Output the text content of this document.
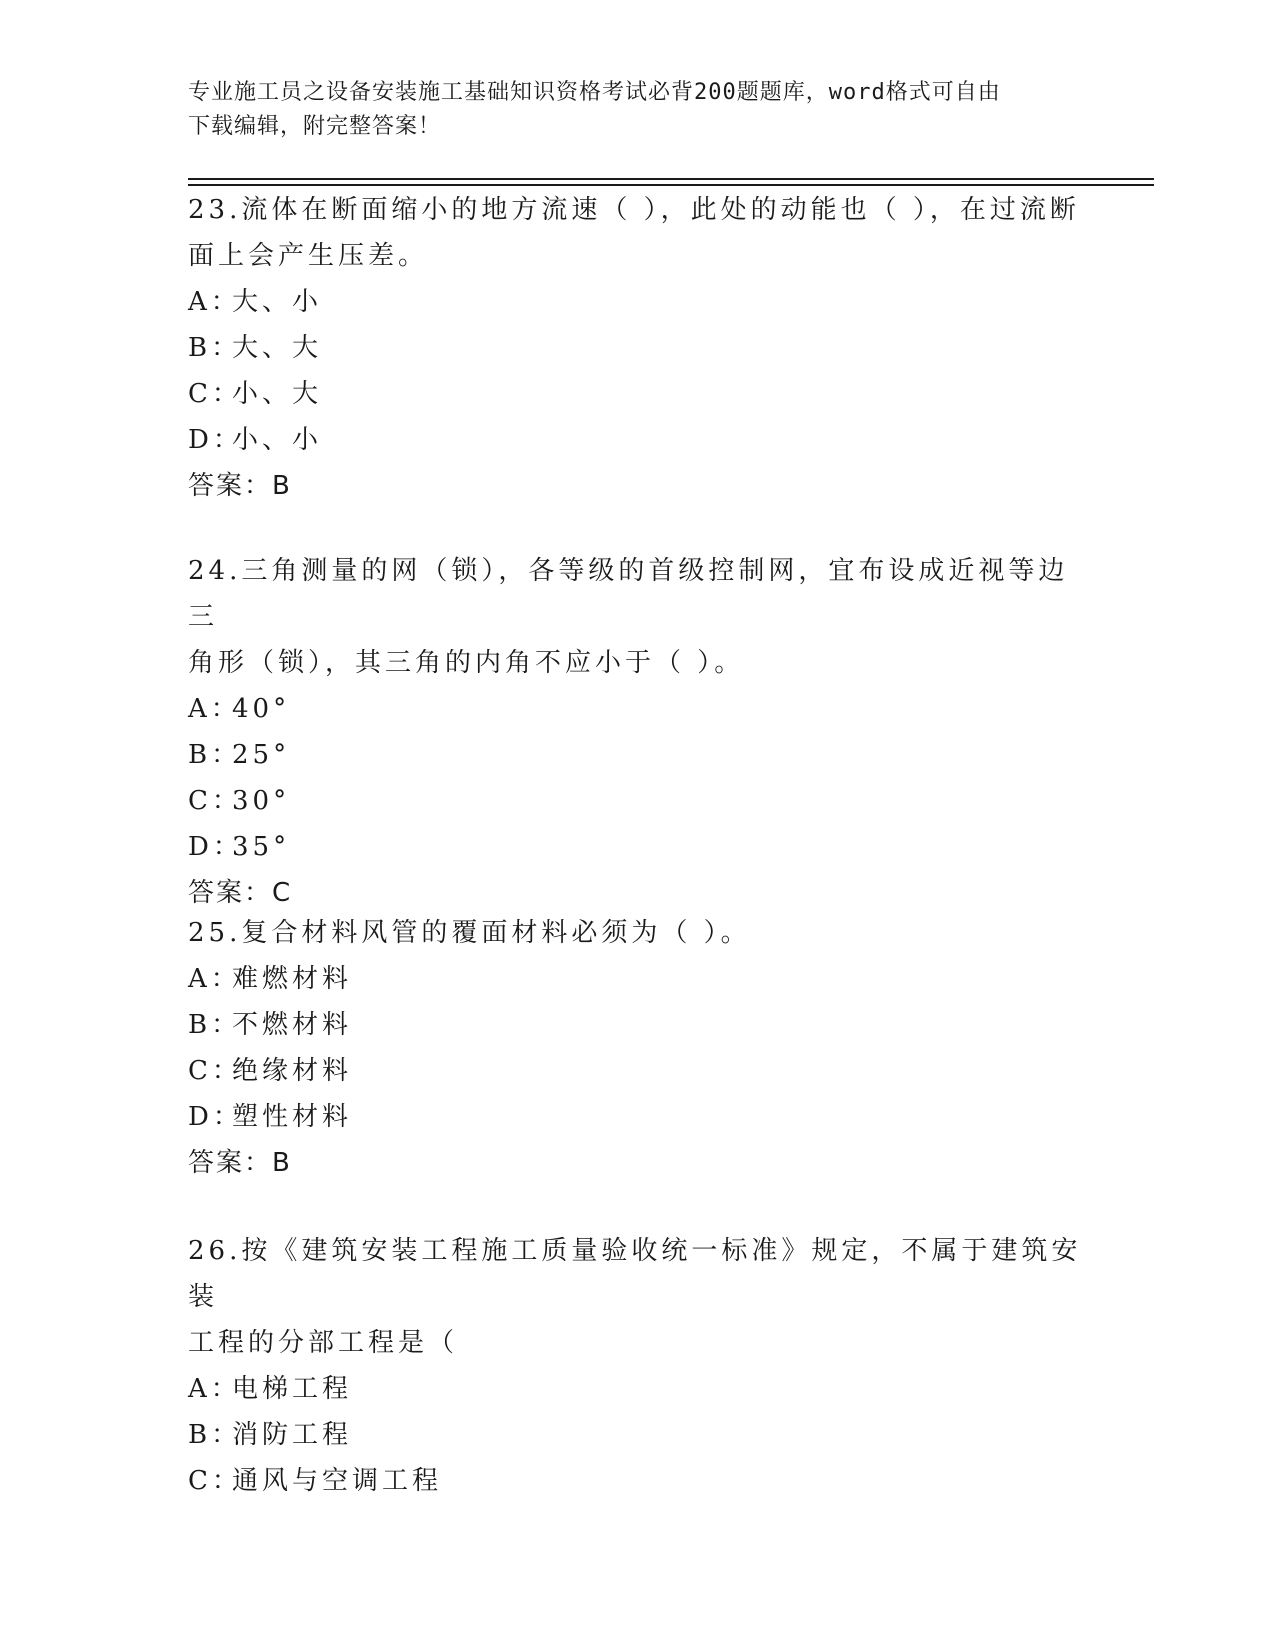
专业施工员之设备安装施工基础知识资格考试必背200题题库，word格式可自由
下载编辑，附完整答案！

23.流体在断面缩小的地方流速（ ），此处的动能也（ ），在过流断

面上会产生压差。

A：大、小

B：大、大

C：小、大

D：小、小

答案：B

24.三角测量的网（锁），各等级的首级控制网，宜布设成近视等边三

角形（锁），其三角的内角不应小于（ ）。

A：40°

B：25°

C：30°

D：35°

答案：C

25.复合材料风管的覆面材料必须为（ ）。

A：难燃材料

B：不燃材料

C：绝缘材料

D：塑性材料

答案：B

26.按《建筑安装工程施工质量验收统一标准》规定，不属于建筑安装

工程的分部工程是（

A：电梯工程

B：消防工程

C：通风与空调工程
